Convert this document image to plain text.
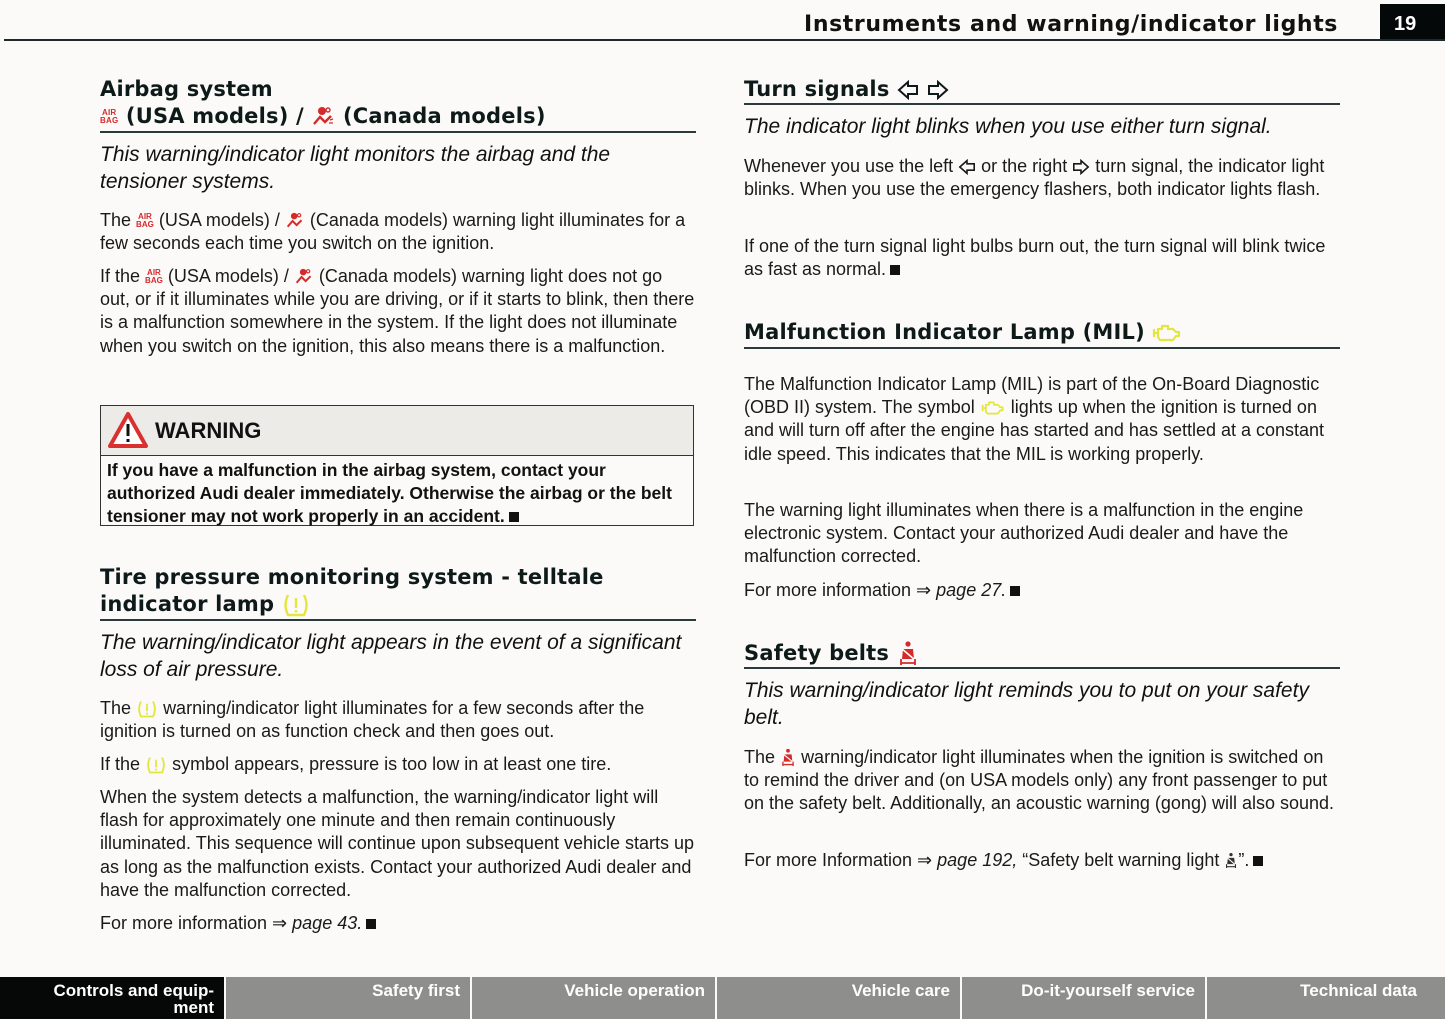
Instruments and warning/indicator lights	19
Airbag system
AIR
BAG (USA models) / (Canada models)
This warning/indicator light monitors the airbag and the tensioner systems.
The AIR
BAG (USA models) / (Canada models) warning light illuminates for a few seconds each time you switch on the ignition.
If the AIR
BAG (USA models) / (Canada models) warning light does not go out, or if it illuminates while you are driving, or if it starts to blink, then there is a malfunction somewhere in the system. If the light does not illuminate when you switch on the ignition, this also means there is a malfunction.
WARNING
If you have a malfunction in the airbag system, contact your authorized Audi dealer immediately. Otherwise the airbag or the belt tensioner may not work properly in an accident.
Tire pressure monitoring system - telltale
indicator lamp
The warning/indicator light appears in the event of a significant loss of air pressure.
The warning/indicator light illuminates for a few seconds after the ignition is turned on as function check and then goes out.
If the symbol appears, pressure is too low in at least one tire.
When the system detects a malfunction, the warning/indicator light will flash for approximately one minute and then remain continuously illuminated. This sequence will continue upon subsequent vehicle starts up as long as the malfunction exists. Contact your authorized Audi dealer and have the malfunction corrected.
For more information ⇒ page 43.
Turn signals
The indicator light blinks when you use either turn signal.
Whenever you use the left or the right turn signal, the indicator light blinks. When you use the emergency flashers, both indicator lights flash.
If one of the turn signal light bulbs burn out, the turn signal will blink twice as fast as normal.
Malfunction Indicator Lamp (MIL)
The Malfunction Indicator Lamp (MIL) is part of the On-Board Diagnostic (OBD II) system. The symbol lights up when the ignition is turned on and will turn off after the engine has started and has settled at a constant idle speed. This indicates that the MIL is working properly.
The warning light illuminates when there is a malfunction in the engine electronic system. Contact your authorized Audi dealer and have the malfunction corrected.
For more information ⇒ page 27.
Safety belts
This warning/indicator light reminds you to put on your safety belt.
The warning/indicator light illuminates when the ignition is switched on to remind the driver and (on USA models only) any front passenger to put on the safety belt. Additionally, an acoustic warning (gong) will also sound.
For more Information ⇒ page 192, “Safety belt warning light ”.
Controls and equip-
ment
Safety first	Vehicle operation	Vehicle care	Do-it-yourself service	Technical data
